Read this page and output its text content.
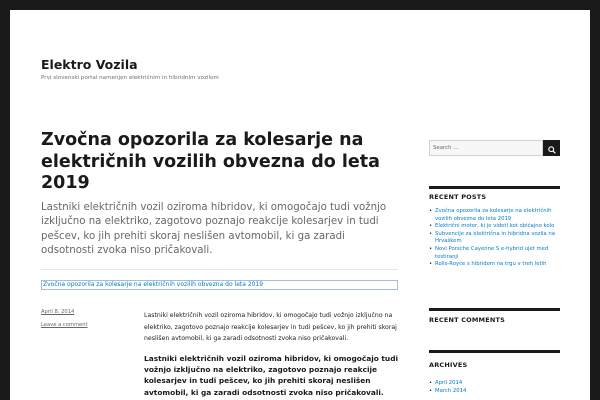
Elektro Vozila
Prvi slovenski portal namenjen električnim in hibridnim vozilom
Zvočna opozorila za kolesarje na električnih vozilih obvezna do leta 2019
Lastniki električnih vozil oziroma hibridov, ki omogočajo tudi vožnjo izključno na elektriko, zagotovo poznajo reakcije kolesarjev in tudi pešcev, ko jih prehiti skoraj neslišen avtomobil, ki ga zaradi odsotnosti zvoka niso pričakovali.
Zvočna opozorila za kolesarje na električnih vozilih obvezna do leta 2019
April 8, 2014
Leave a comment

Lastniki električnih vozil oziroma hibridov, ki omogočajo tudi vožnjo izključno na elektriko, zagotovo poznajo reakcije kolesarjev in tudi pešcev, ko jih prehiti skoraj neslišen avtomobil, ki ga zaradi odsotnosti zvoka niso pričakovali.

Lastniki električnih vozil oziroma hibridov, ki omogočajo tudi vožnjo izključno na elektriko, zagotovo poznajo reakcije kolesarjev in tudi pešcev, ko jih prehiti skoraj neslišen avtomobil, ki ga zaradi odsotnosti zvoka niso pričakovali.

Search …
RECENT POSTS
• Zvočna opozorila za kolesarje na električnih vozilih obvezna do leta 2019
• Električni motor, ki je videti kot običajno kolo
• Subvencije za električna in hibridna vozila na Hrvaškem
• Novi Porsche Cayenne S e-hybrid ujet med testiranji
• Rolls-Royce s hibridom na trgu v treh letih
RECENT COMMENTS
ARCHIVES
• April 2014
• March 2014
